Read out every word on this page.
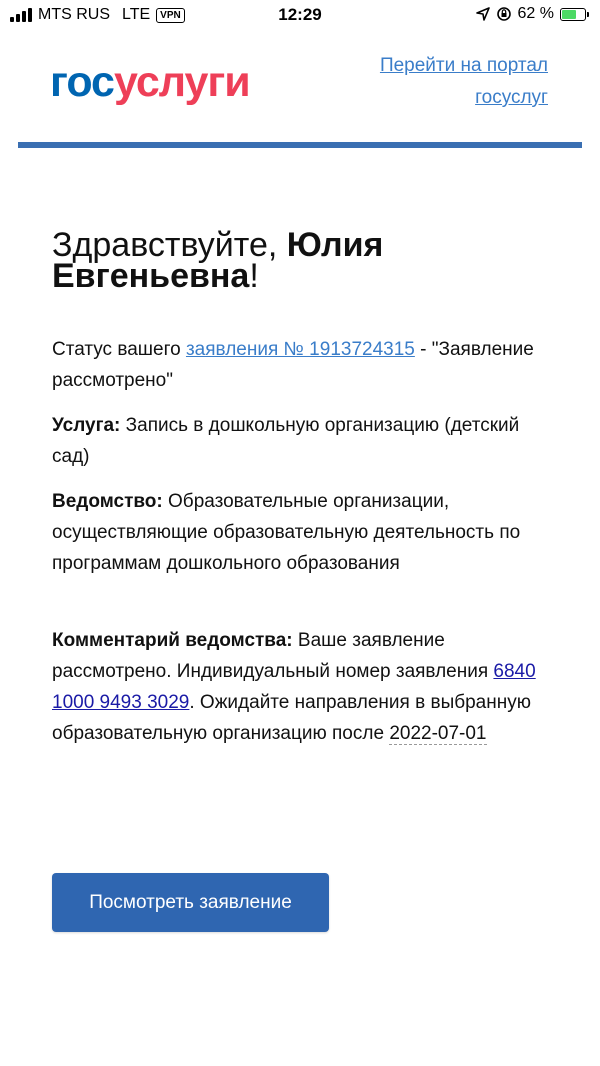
MTS RUS LTE	VPN	12:29	62 %
госуслуги	Перейти на портал
госуслуг
Здравствуйте, Юлия Евгеньевна!

Статус вашего заявления № 1913724315 - "Заявление рассмотрено"

Услуга: Запись в дошкольную организацию (детский сад)

Ведомство: Образовательные организации, осуществляющие образовательную деятельность по программам дошкольного образования

Комментарий ведомства: Ваше заявление рассмотрено. Индивидуальный номер заявления 6840 1000 9493 3029. Ожидайте направления в выбранную образовательную организацию после 2022-07-01

Посмотреть заявление
